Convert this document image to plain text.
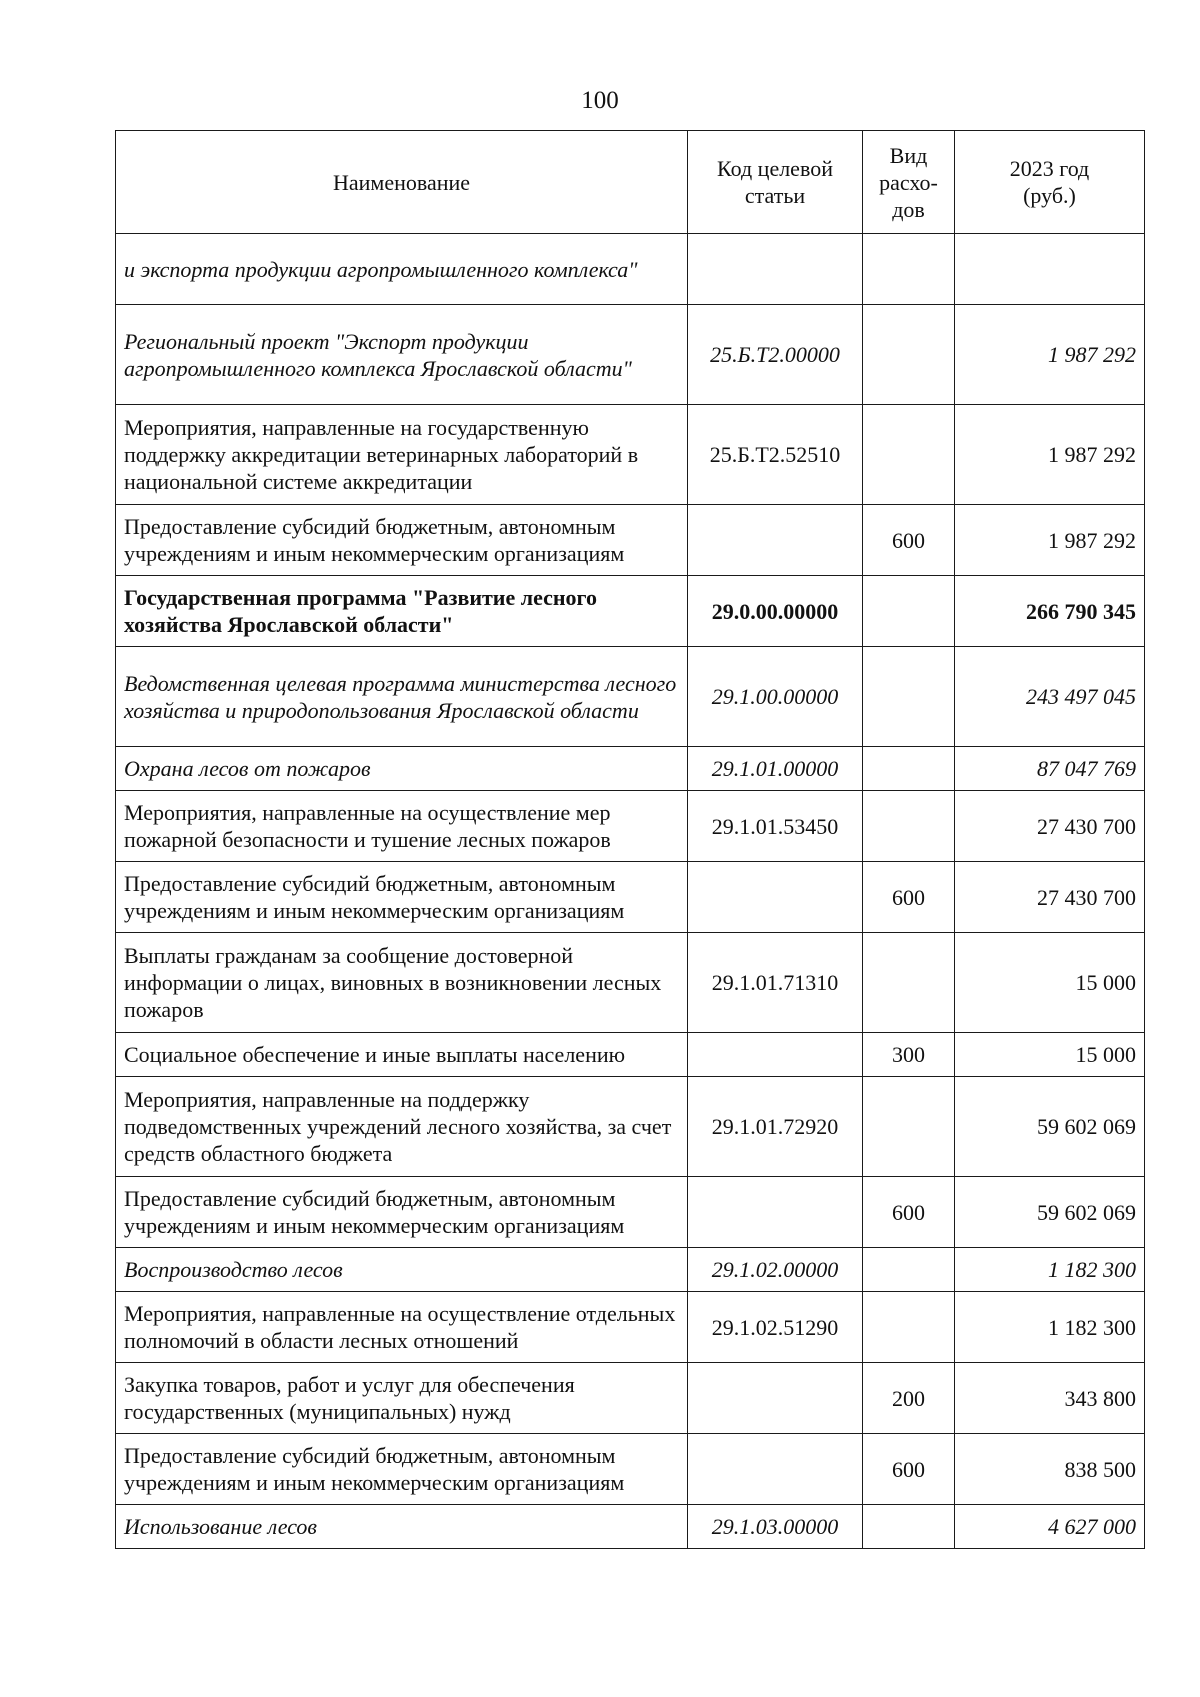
100
Наименование	Код целевой статьи	Вид расхо-дов	2023 год (руб.)
и экспорта продукции агропромышленного комплекса"			
Региональный проект "Экспорт продукции агропромышленного комплекса Ярославской области"	25.Б.Т2.00000		1 987 292
Мероприятия, направленные на государственную поддержку аккредитации ветеринарных лабораторий в национальной системе аккредитации	25.Б.Т2.52510		1 987 292
Предоставление субсидий бюджетным, автономным учреждениям и иным некоммерческим организациям		600	1 987 292
Государственная программа "Развитие лесного хозяйства Ярославской области"	29.0.00.00000		266 790 345
Ведомственная целевая программа министерства лесного хозяйства и природопользования Ярославской области	29.1.00.00000		243 497 045
Охрана лесов от пожаров	29.1.01.00000		87 047 769
Мероприятия, направленные на осуществление мер пожарной безопасности и тушение лесных пожаров	29.1.01.53450		27 430 700
Предоставление субсидий бюджетным, автономным учреждениям и иным некоммерческим организациям		600	27 430 700
Выплаты гражданам за сообщение достоверной информации о лицах, виновных в возникновении лесных пожаров	29.1.01.71310		15 000
Социальное обеспечение и иные выплаты населению		300	15 000
Мероприятия, направленные на поддержку подведомственных учреждений лесного хозяйства, за счет средств областного бюджета	29.1.01.72920		59 602 069
Предоставление субсидий бюджетным, автономным учреждениям и иным некоммерческим организациям		600	59 602 069
Воспроизводство лесов	29.1.02.00000		1 182 300
Мероприятия, направленные на осуществление отдельных полномочий в области лесных отношений	29.1.02.51290		1 182 300
Закупка товаров, работ и услуг для обеспечения государственных (муниципальных) нужд		200	343 800
Предоставление субсидий бюджетным, автономным учреждениям и иным некоммерческим организациям		600	838 500
Использование лесов	29.1.03.00000		4 627 000
